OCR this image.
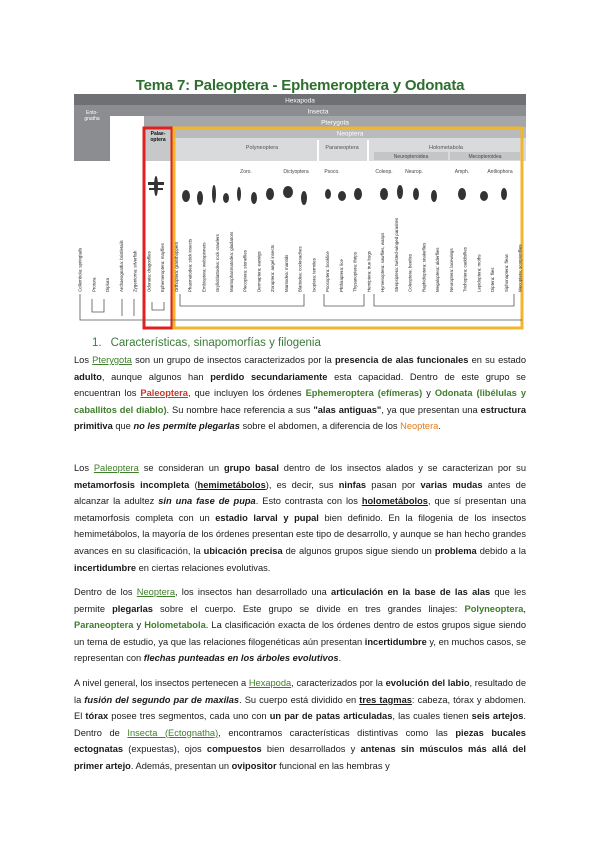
Tema 7: Paleoptera - Ephemeroptera y Odonata
Hexapoda
Ento-
gnatha
Insecta
Pterygota
Neoptera
Polyneoptera	Paraneoptera	Holometabola
Neuropteroidea	Mecopteroidea
Zoro.	Dictyoptera	Psoco.	Coleop. Neurop.	Amph.	Antliophora
Palae-
optera
Collembola: springtails Protura Diplura Archaeognatha: bristletails Zygentoma: silverfish Odonata: dragonflies Ephemeroptera: mayflies Orthoptera: grasshoppers Phasmatodea: stick insects Embioptera: webspinners Grylloblattodea: rock crawlers Mantophasmatodea: gladiators Plecoptera: stoneflies Dermaptera: earwigs Zoraptera: angel insects Mantodea: mantids Blattodea: cockroaches Isoptera: termites Psocoptera: booklice Phthiraptera: lice Thysanoptera: thrips Hemiptera: true bugs Hymenoptera: sawflies, wasps Strepsiptera: twisted-winged parasites Coleoptera: beetles Raphidioptera: snakeflies Megaloptera: alderflies Neuroptera: lacewings Trichoptera: caddisflies Lepidoptera: moths Diptera: flies Siphonaptera: fleas Mecoptera: scorpionflies
1. Características, sinapomorfías y filogenia
Los Pterygota son un grupo de insectos caracterizados por la presencia de alas funcionales en su estado adulto, aunque algunos han perdido secundariamente esta capacidad. Dentro de este grupo se encuentran los Paleoptera, que incluyen los órdenes Ephemeroptera (efímeras) y Odonata (libélulas y caballitos del diablo). Su nombre hace referencia a sus "alas antiguas", ya que presentan una estructura primitiva que no les permite plegarlas sobre el abdomen, a diferencia de los Neoptera.
Los Paleoptera se consideran un grupo basal dentro de los insectos alados y se caracterizan por su metamorfosis incompleta (hemimetábolos), es decir, sus ninfas pasan por varias mudas antes de alcanzar la adultez sin una fase de pupa. Esto contrasta con los holometábolos, que sí presentan una metamorfosis completa con un estadio larval y pupal bien definido. En la filogenia de los insectos hemimetábolos, la mayoría de los órdenes presentan este tipo de desarrollo, y aunque se han hecho grandes avances en su clasificación, la ubicación precisa de algunos grupos sigue siendo un problema debido a la incertidumbre en ciertas relaciones evolutivas.
Dentro de los Neoptera, los insectos han desarrollado una articulación en la base de las alas que les permite plegarlas sobre el cuerpo. Este grupo se divide en tres grandes linajes: Polyneoptera, Paraneoptera y Holometabola. La clasificación exacta de los órdenes dentro de estos grupos sigue siendo un tema de estudio, ya que las relaciones filogenéticas aún presentan incertidumbre y, en muchos casos, se representan con flechas punteadas en los árboles evolutivos.
A nivel general, los insectos pertenecen a Hexapoda, caracterizados por la evolución del labio, resultado de la fusión del segundo par de maxilas. Su cuerpo está dividido en tres tagmas: cabeza, tórax y abdomen. El tórax posee tres segmentos, cada uno con un par de patas articuladas, las cuales tienen seis artejos. Dentro de Insecta (Ectognatha), encontramos características distintivas como las piezas bucales ectognatas (expuestas), ojos compuestos bien desarrollados y antenas sin músculos más allá del primer artejo. Además, presentan un ovipositor funcional en las hembras y
